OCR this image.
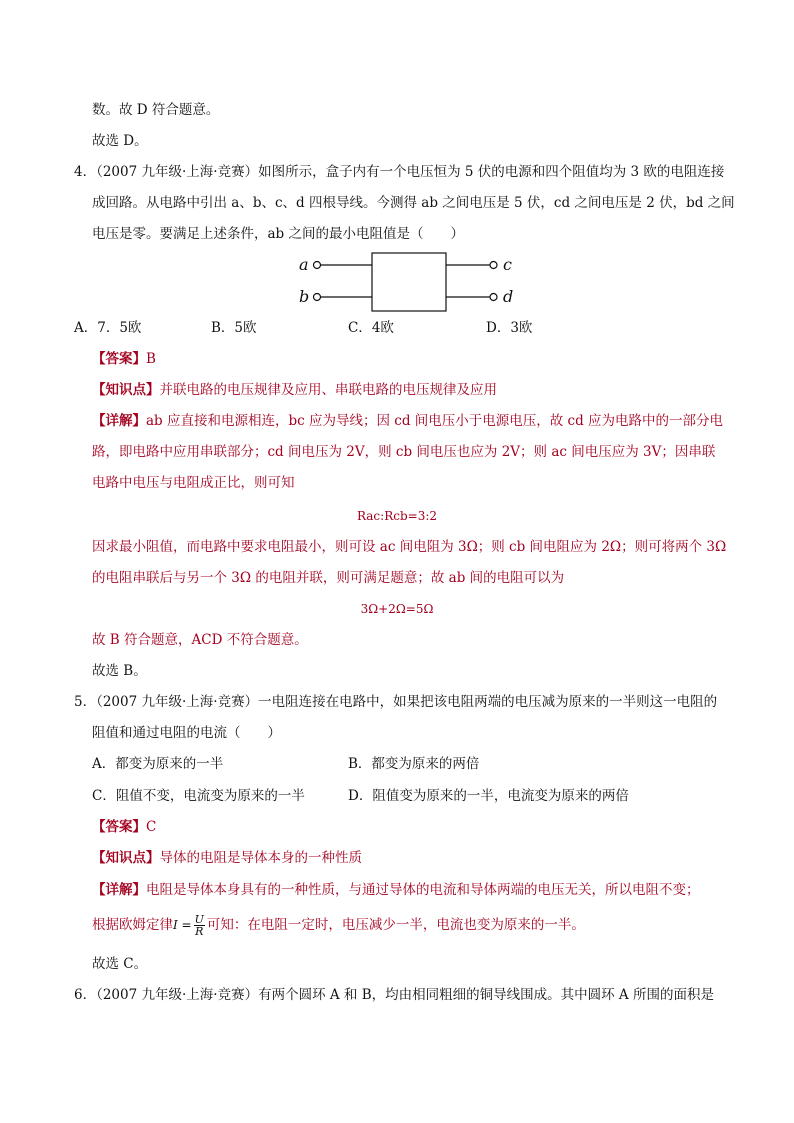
数。故 D 符合题意。
故选 D。
4．（2007 九年级·上海·竞赛）如图所示，盒子内有一个电压恒为 5 伏的电源和四个阻值均为 3 欧的电阻连接
成回路。从电路中引出 a、b、c、d 四根导线。今测得 ab 之间电压是 5 伏，cd 之间电压是 2 伏，bd 之间
电压是零。要满足上述条件，ab 之间的最小电阻值是（　　）
a
b
c
d
A．7．5欧	B．5欧	C．4欧	D．3欧
【答案】B
【知识点】并联电路的电压规律及应用、串联电路的电压规律及应用
【详解】ab 应直接和电源相连，bc 应为导线；因 cd 间电压小于电源电压，故 cd 应为电路中的一部分电
路，即电路中应用串联部分；cd 间电压为 2V，则 cb 间电压也应为 2V；则 ac 间电压应为 3V；因串联
电路中电压与电阻成正比，则可知
Rac:Rcb=3:2
因求最小阻值，而电路中要求电阻最小，则可设 ac 间电阻为 3Ω；则 cb 间电阻应为 2Ω；则可将两个 3Ω
的电阻串联后与另一个 3Ω 的电阻并联，则可满足题意；故 ab 间的电阻可以为
3Ω+2Ω=5Ω
故 B 符合题意，ACD 不符合题意。
故选 B。
5．（2007 九年级·上海·竞赛）一电阻连接在电路中，如果把该电阻两端的电压减为原来的一半则这一电阻的
阻值和通过电阻的电流（　　）
A．都变为原来的一半	B．都变为原来的两倍
C．阻值不变，电流变为原来的一半	D．阻值变为原来的一半，电流变为原来的两倍
【答案】C
【知识点】导体的电阻是导体本身的一种性质
【详解】电阻是导体本身具有的一种性质，与通过导体的电流和导体两端的电压无关，所以电阻不变；
根据欧姆定律$I = \frac{U}{R}$ 可知：在电阻一定时，电压减少一半，电流也变为原来的一半。
故选 C。
6．（2007 九年级·上海·竞赛）有两个圆环 A 和 B，均由相同粗细的铜导线围成。其中圆环 A 所围的面积是
